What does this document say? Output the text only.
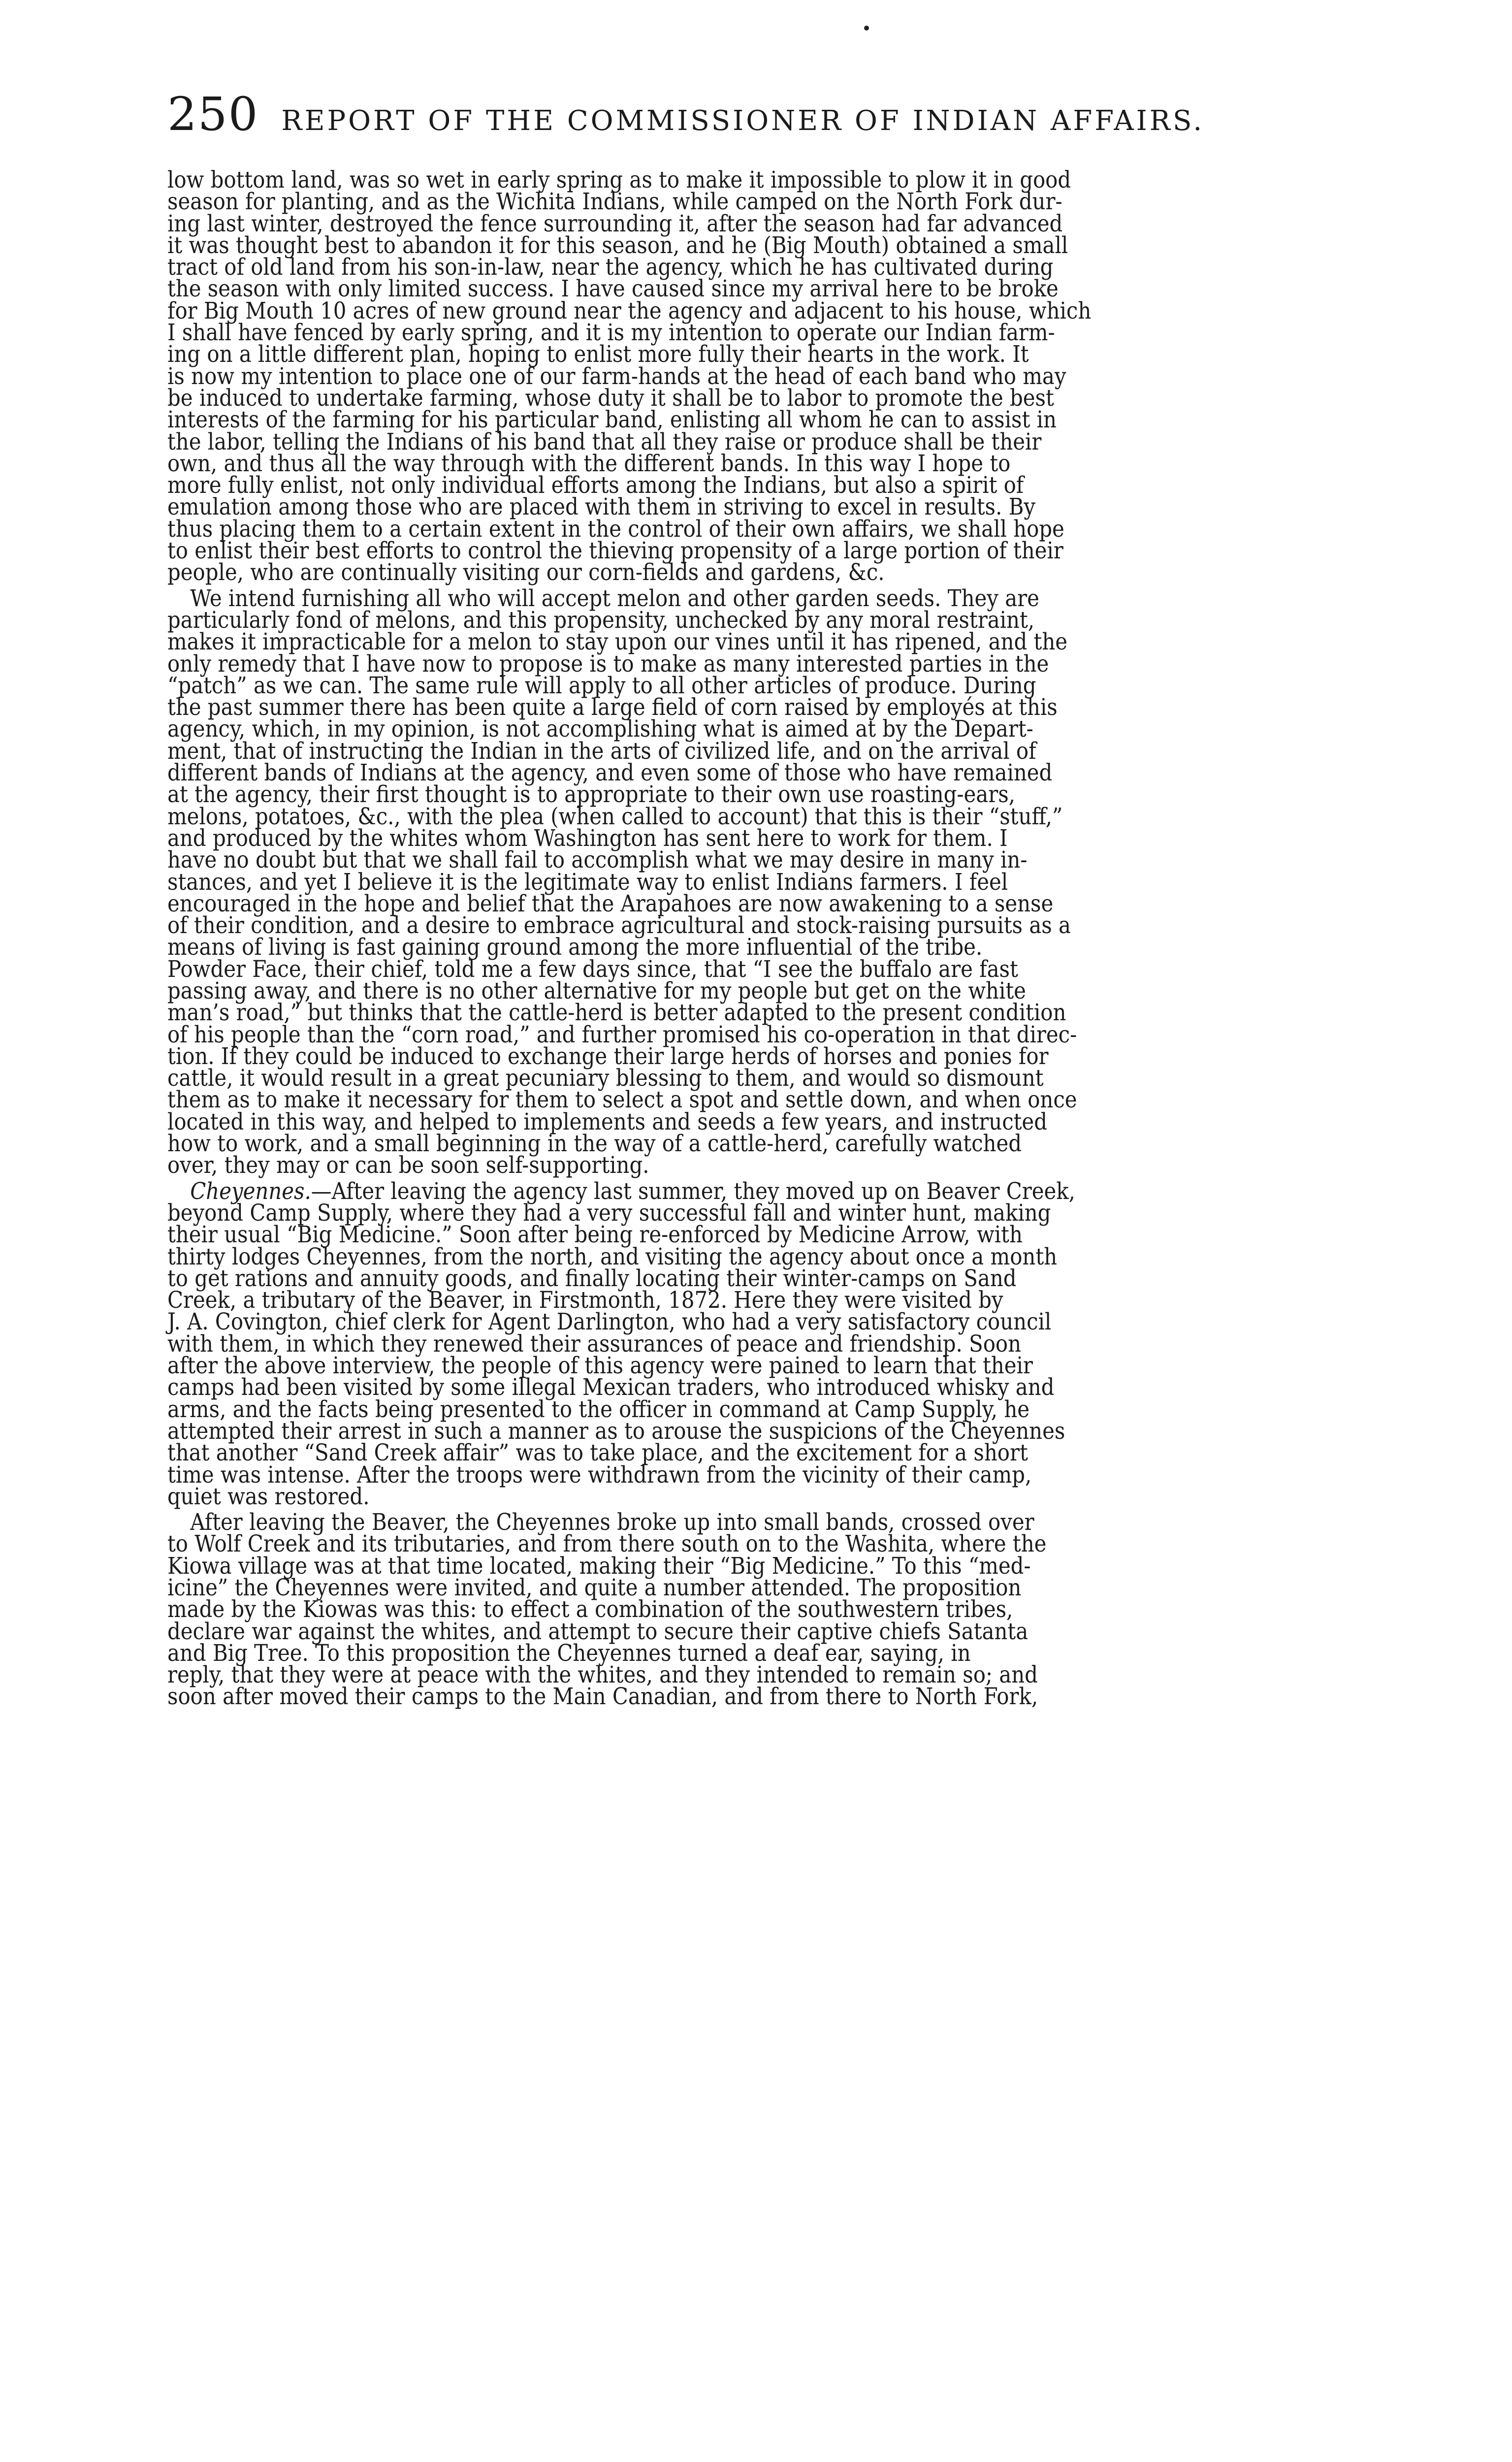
250 REPORT OF THE COMMISSIONER OF INDIAN AFFAIRS.
low bottom land, was so wet in early spring as to make it impossible to plow it in good
season for planting, and as the Wichita Indians, while camped on the North Fork dur-
ing last winter, destroyed the fence surrounding it, after the season had far advanced
it was thought best to abandon it for this season, and he (Big Mouth) obtained a small
tract of old land from his son-in-law, near the agency, which he has cultivated during
the season with only limited success. I have caused since my arrival here to be broke
for Big Mouth 10 acres of new ground near the agency and adjacent to his house, which
I shall have fenced by early spring, and it is my intention to operate our Indian farm-
ing on a little different plan, hoping to enlist more fully their hearts in the work. It
is now my intention to place one of our farm-hands at the head of each band who may
be induced to undertake farming, whose duty it shall be to labor to promote the best
interests of the farming for his particular band, enlisting all whom he can to assist in
the labor, telling the Indians of his band that all they raise or produce shall be their
own, and thus all the way through with the different bands. In this way I hope to
more fully enlist, not only individual efforts among the Indians, but also a spirit of
emulation among those who are placed with them in striving to excel in results. By
thus placing them to a certain extent in the control of their own affairs, we shall hope
to enlist their best efforts to control the thieving propensity of a large portion of their
people, who are continually visiting our corn-fields and gardens, &c.
We intend furnishing all who will accept melon and other garden seeds. They are
particularly fond of melons, and this propensity, unchecked by any moral restraint,
makes it impracticable for a melon to stay upon our vines until it has ripened, and the
only remedy that I have now to propose is to make as many interested parties in the
“patch” as we can. The same rule will apply to all other articles of produce. During
the past summer there has been quite a large field of corn raised by employés at this
agency, which, in my opinion, is not accomplishing what is aimed at by the Depart-
ment, that of instructing the Indian in the arts of civilized life, and on the arrival of
different bands of Indians at the agency, and even some of those who have remained
at the agency, their first thought is to appropriate to their own use roasting-ears,
melons, potatoes, &c., with the plea (when called to account) that this is their “stuff,”
and produced by the whites whom Washington has sent here to work for them. I
have no doubt but that we shall fail to accomplish what we may desire in many in-
stances, and yet I believe it is the legitimate way to enlist Indians farmers. I feel
encouraged in the hope and belief that the Arapahoes are now awakening to a sense
of their condition, and a desire to embrace agricultural and stock-raising pursuits as a
means of living is fast gaining ground among the more influential of the tribe.
Powder Face, their chief, told me a few days since, that “I see the buffalo are fast
passing away, and there is no other alternative for my people but get on the white
man’s road,” but thinks that the cattle-herd is better adapted to the present condition
of his people than the “corn road,” and further promised his co-operation in that direc-
tion. If they could be induced to exchange their large herds of horses and ponies for
cattle, it would result in a great pecuniary blessing to them, and would so dismount
them as to make it necessary for them to select a spot and settle down, and when once
located in this way, and helped to implements and seeds a few years, and instructed
how to work, and a small beginning in the way of a cattle-herd, carefully watched
over, they may or can be soon self-supporting.
Cheyennes.—After leaving the agency last summer, they moved up on Beaver Creek,
beyond Camp Supply, where they had a very successful fall and winter hunt, making
their usual “Big Medicine.” Soon after being re-enforced by Medicine Arrow, with
thirty lodges Cheyennes, from the north, and visiting the agency about once a month
to get rations and annuity goods, and finally locating their winter-camps on Sand
Creek, a tributary of the Beaver, in Firstmonth, 1872. Here they were visited by
J. A. Covington, chief clerk for Agent Darlington, who had a very satisfactory council
with them, in which they renewed their assurances of peace and friendship. Soon
after the above interview, the people of this agency were pained to learn that their
camps had been visited by some illegal Mexican traders, who introduced whisky and
arms, and the facts being presented to the officer in command at Camp Supply, he
attempted their arrest in such a manner as to arouse the suspicions of the Cheyennes
that another “Sand Creek affair” was to take place, and the excitement for a short
time was intense. After the troops were withdrawn from the vicinity of their camp,
quiet was restored.
After leaving the Beaver, the Cheyennes broke up into small bands, crossed over
to Wolf Creek and its tributaries, and from there south on to the Washita, where the
Kiowa village was at that time located, making their “Big Medicine.” To this “med-
icine” the Cheyennes were invited, and quite a number attended. The proposition
made by the Kiowas was this: to effect a combination of the southwestern tribes,
declare war against the whites, and attempt to secure their captive chiefs Satanta
and Big Tree. To this proposition the Cheyennes turned a deaf ear, saying, in
reply, that they were at peace with the whites, and they intended to remain so; and
soon after moved their camps to the Main Canadian, and from there to North Fork,
